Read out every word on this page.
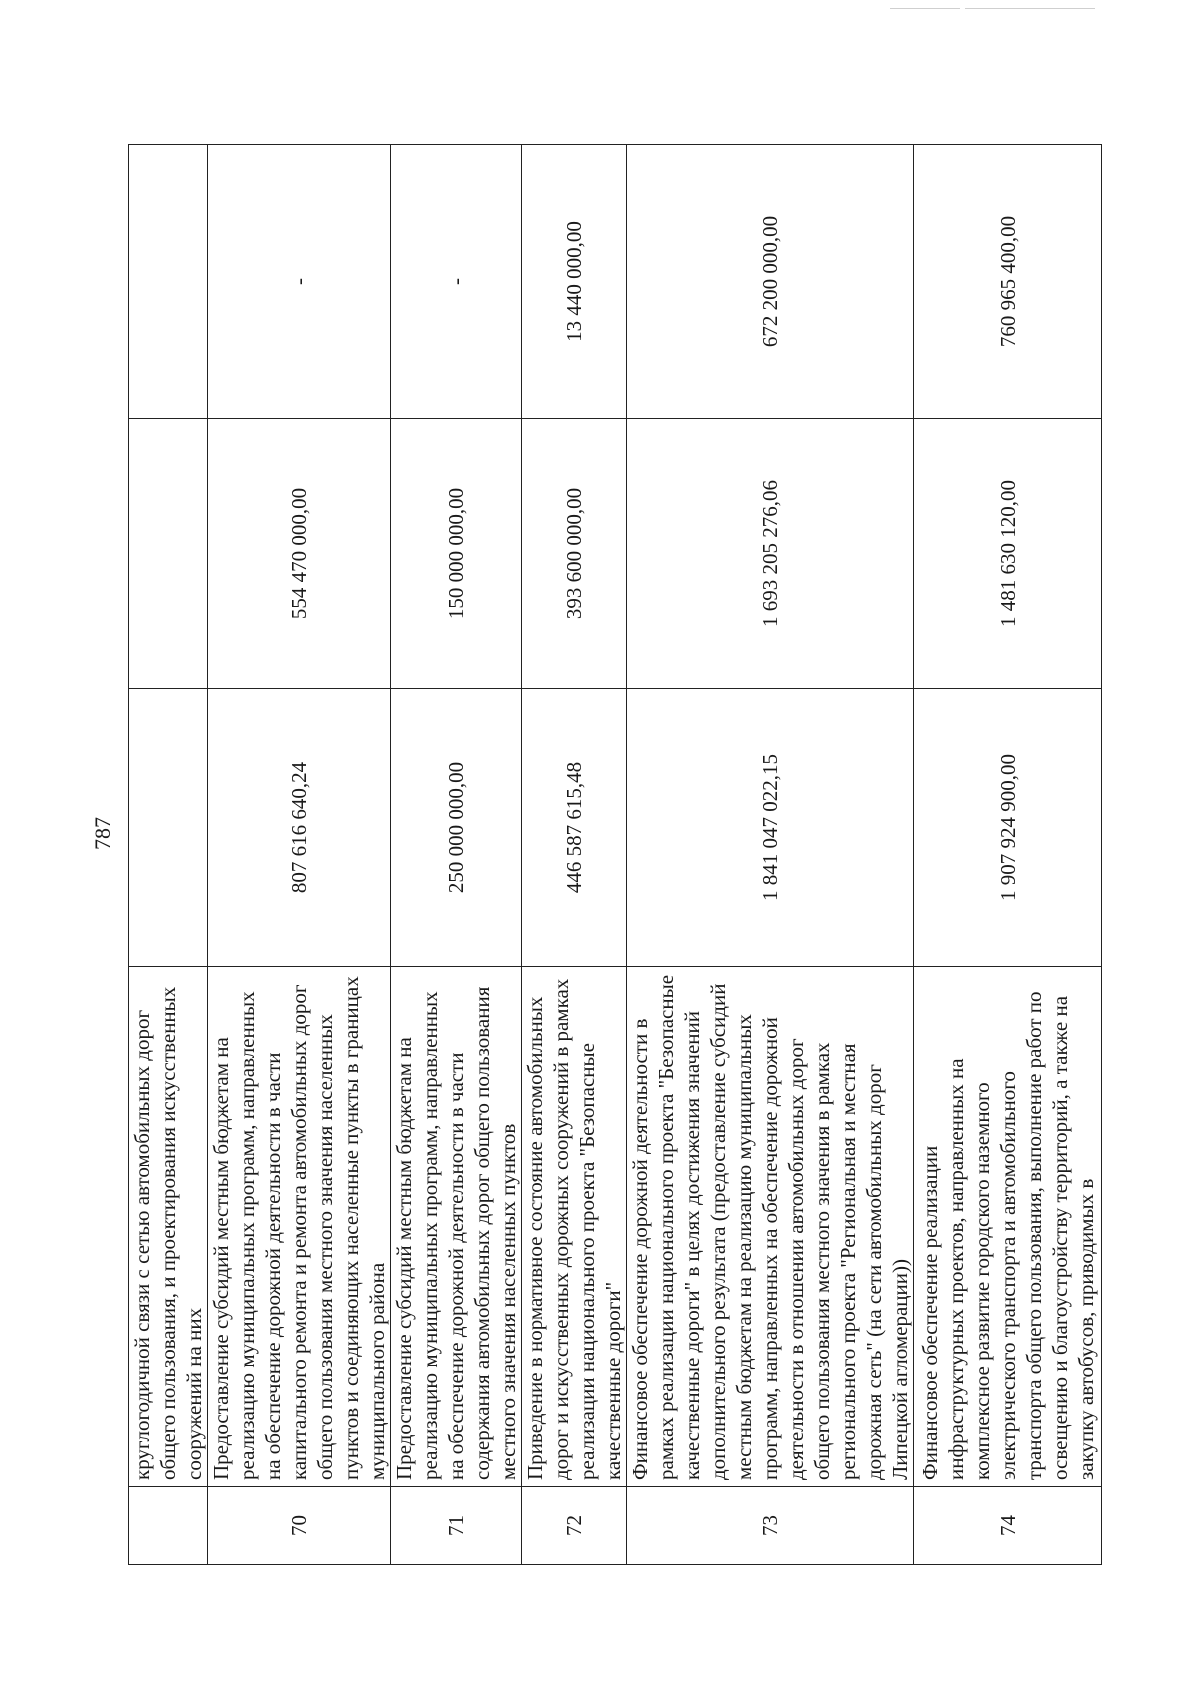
787
	круглогодичной связи с сетью автомобильных дорог общего пользования, и проектирования искусственных сооружений на них			
70	Предоставление субсидий местным бюджетам на реализацию муниципальных программ, направленных на обеспечение дорожной деятельности в части капитального ремонта и ремонта автомобильных дорог общего пользования местного значения населенных пунктов и соединяющих населенные пункты в границах муниципального района	807 616 640,24	554 470 000,00	-
71	Предоставление субсидий местным бюджетам на реализацию муниципальных программ, направленных на обеспечение дорожной деятельности в части содержания автомобильных дорог общего пользования местного значения населенных пунктов	250 000 000,00	150 000 000,00	-
72	Приведение в нормативное состояние автомобильных дорог и искусственных дорожных сооружений в рамках реализации национального проекта "Безопасные качественные дороги"	446 587 615,48	393 600 000,00	13 440 000,00
73	Финансовое обеспечение дорожной деятельности в рамках реализации национального проекта "Безопасные качественные дороги" в целях достижения значений дополнительного результата (предоставление субсидий местным бюджетам на реализацию муниципальных программ, направленных на обеспечение дорожной деятельности в отношении автомобильных дорог общего пользования местного значения в рамках регионального проекта "Региональная и местная дорожная сеть" (на сети автомобильных дорог Липецкой агломерации))	1 841 047 022,15	1 693 205 276,06	672 200 000,00
74	Финансовое обеспечение реализации инфраструктурных проектов, направленных на комплексное развитие городского наземного электрического транспорта и автомобильного транспорта общего пользования, выполнение работ по освещению и благоустройству территорий, а также на закупку автобусов, приводимых в	1 907 924 900,00	1 481 630 120,00	760 965 400,00
